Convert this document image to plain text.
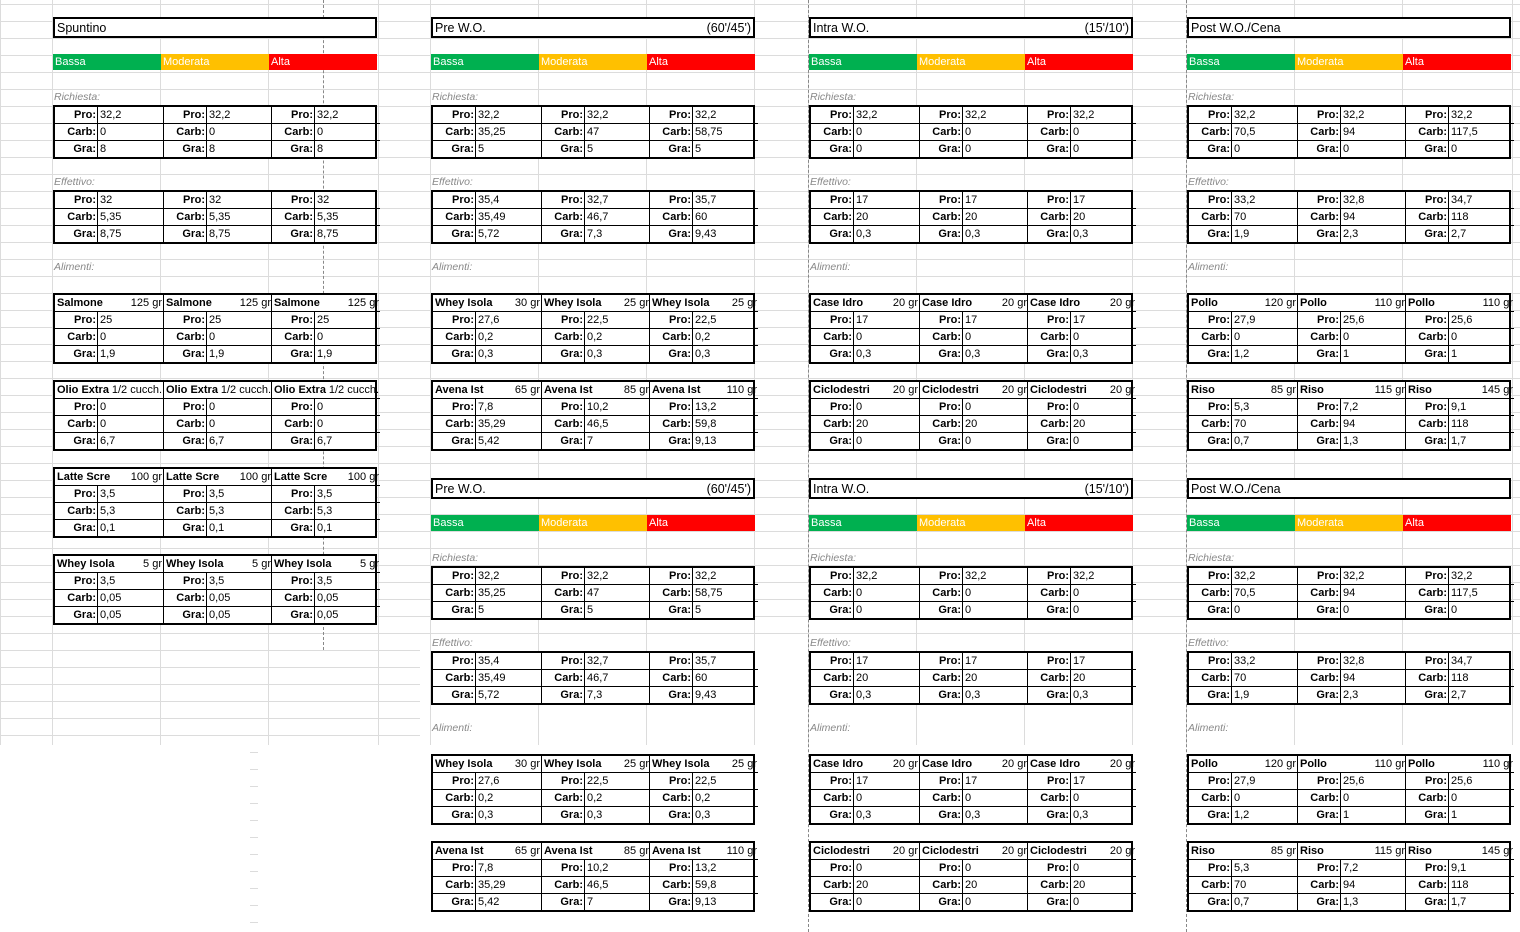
Spuntino
Bassa	Moderata	Alta
Richiesta:
Pro: 32,2
Carb: 0
Gra: 8
Pro: 32,2
Carb: 0
Gra: 8
Pro: 32,2
Carb: 0
Gra: 8
Effettivo:
Pro: 32
Carb: 5,35
Gra: 8,75
Pro: 32
Carb: 5,35
Gra: 8,75
Pro: 32
Carb: 5,35
Gra: 8,75
Alimenti:
Salmone	125 gr
Pro: 25
Carb: 0
Gra: 1,9
Salmone	125 gr
Pro: 25
Carb: 0
Gra: 1,9
Salmone	125 gr
Pro: 25
Carb: 0
Gra: 1,9
Olio Extra 1/2 cucch.
Pro: 0
Carb: 0
Gra: 6,7
Olio Extra 1/2 cucch.
Pro: 0
Carb: 0
Gra: 6,7
Olio Extra 1/2 cucch.
Pro: 0
Carb: 0
Gra: 6,7
Latte Scre	100 gr
Pro: 3,5
Carb: 5,3
Gra: 0,1
Latte Scre	100 gr
Pro: 3,5
Carb: 5,3
Gra: 0,1
Latte Scre	100 gr
Pro: 3,5
Carb: 5,3
Gra: 0,1
Whey Isola	5 gr
Pro: 3,5
Carb: 0,05
Gra: 0,05
Whey Isola	5 gr
Pro: 3,5
Carb: 0,05
Gra: 0,05
Whey Isola	5 gr
Pro: 3,5
Carb: 0,05
Gra: 0,05
Pre W.O.	(60'/45')
Bassa	Moderata	Alta
Richiesta:
Pro: 32,2
Carb: 35,25
Gra: 5
Pro: 32,2
Carb: 47
Gra: 5
Pro: 32,2
Carb: 58,75
Gra: 5
Effettivo:
Pro: 35,4
Carb: 35,49
Gra: 5,72
Pro: 32,7
Carb: 46,7
Gra: 7,3
Pro: 35,7
Carb: 60
Gra: 9,43
Alimenti:
Whey Isola	30 gr
Pro: 27,6
Carb: 0,2
Gra: 0,3
Whey Isola	25 gr
Pro: 22,5
Carb: 0,2
Gra: 0,3
Whey Isola	25 gr
Pro: 22,5
Carb: 0,2
Gra: 0,3
Avena Ist	65 gr
Pro: 7,8
Carb: 35,29
Gra: 5,42
Avena Ist	85 gr
Pro: 10,2
Carb: 46,5
Gra: 7
Avena Ist	110 gr
Pro: 13,2
Carb: 59,8
Gra: 9,13
Intra W.O.	(15'/10')
Bassa	Moderata	Alta
Richiesta:
Pro: 32,2
Carb: 0
Gra: 0
Pro: 32,2
Carb: 0
Gra: 0
Pro: 32,2
Carb: 0
Gra: 0
Effettivo:
Pro: 17
Carb: 20
Gra: 0,3
Pro: 17
Carb: 20
Gra: 0,3
Pro: 17
Carb: 20
Gra: 0,3
Alimenti:
Case Idro	20 gr
Pro: 17
Carb: 0
Gra: 0,3
Case Idro	20 gr
Pro: 17
Carb: 0
Gra: 0,3
Case Idro	20 gr
Pro: 17
Carb: 0
Gra: 0,3
Ciclodestri	20 gr
Pro: 0
Carb: 20
Gra: 0
Ciclodestri	20 gr
Pro: 0
Carb: 20
Gra: 0
Ciclodestri	20 gr
Pro: 0
Carb: 20
Gra: 0
Post W.O./Cena
Bassa	Moderata	Alta
Richiesta:
Pro: 32,2
Carb: 70,5
Gra: 0
Pro: 32,2
Carb: 94
Gra: 0
Pro: 32,2
Carb: 117,5
Gra: 0
Effettivo:
Pro: 33,2
Carb: 70
Gra: 1,9
Pro: 32,8
Carb: 94
Gra: 2,3
Pro: 34,7
Carb: 118
Gra: 2,7
Alimenti:
Pollo	120 gr
Pro: 27,9
Carb: 0
Gra: 1,2
Pollo	110 gr
Pro: 25,6
Carb: 0
Gra: 1
Pollo	110 gr
Pro: 25,6
Carb: 0
Gra: 1
Riso	85 gr
Pro: 5,3
Carb: 70
Gra: 0,7
Riso	115 gr
Pro: 7,2
Carb: 94
Gra: 1,3
Riso	145 gr
Pro: 9,1
Carb: 118
Gra: 1,7
Pre W.O.	(60'/45')
Bassa	Moderata	Alta
Richiesta:
Pro: 32,2
Carb: 35,25
Gra: 5
Pro: 32,2
Carb: 47
Gra: 5
Pro: 32,2
Carb: 58,75
Gra: 5
Effettivo:
Pro: 35,4
Carb: 35,49
Gra: 5,72
Pro: 32,7
Carb: 46,7
Gra: 7,3
Pro: 35,7
Carb: 60
Gra: 9,43
Alimenti:
Whey Isola	30 gr
Pro: 27,6
Carb: 0,2
Gra: 0,3
Whey Isola	25 gr
Pro: 22,5
Carb: 0,2
Gra: 0,3
Whey Isola	25 gr
Pro: 22,5
Carb: 0,2
Gra: 0,3
Avena Ist	65 gr
Pro: 7,8
Carb: 35,29
Gra: 5,42
Avena Ist	85 gr
Pro: 10,2
Carb: 46,5
Gra: 7
Avena Ist	110 gr
Pro: 13,2
Carb: 59,8
Gra: 9,13
Intra W.O.	(15'/10')
Bassa	Moderata	Alta
Richiesta:
Pro: 32,2
Carb: 0
Gra: 0
Pro: 32,2
Carb: 0
Gra: 0
Pro: 32,2
Carb: 0
Gra: 0
Effettivo:
Pro: 17
Carb: 20
Gra: 0,3
Pro: 17
Carb: 20
Gra: 0,3
Pro: 17
Carb: 20
Gra: 0,3
Alimenti:
Case Idro	20 gr
Pro: 17
Carb: 0
Gra: 0,3
Case Idro	20 gr
Pro: 17
Carb: 0
Gra: 0,3
Case Idro	20 gr
Pro: 17
Carb: 0
Gra: 0,3
Ciclodestri	20 gr
Pro: 0
Carb: 20
Gra: 0
Ciclodestri	20 gr
Pro: 0
Carb: 20
Gra: 0
Ciclodestri	20 gr
Pro: 0
Carb: 20
Gra: 0
Post W.O./Cena
Bassa	Moderata	Alta
Richiesta:
Pro: 32,2
Carb: 70,5
Gra: 0
Pro: 32,2
Carb: 94
Gra: 0
Pro: 32,2
Carb: 117,5
Gra: 0
Effettivo:
Pro: 33,2
Carb: 70
Gra: 1,9
Pro: 32,8
Carb: 94
Gra: 2,3
Pro: 34,7
Carb: 118
Gra: 2,7
Alimenti:
Pollo	120 gr
Pro: 27,9
Carb: 0
Gra: 1,2
Pollo	110 gr
Pro: 25,6
Carb: 0
Gra: 1
Pollo	110 gr
Pro: 25,6
Carb: 0
Gra: 1
Riso	85 gr
Pro: 5,3
Carb: 70
Gra: 0,7
Riso	115 gr
Pro: 7,2
Carb: 94
Gra: 1,3
Riso	145 gr
Pro: 9,1
Carb: 118
Gra: 1,7
